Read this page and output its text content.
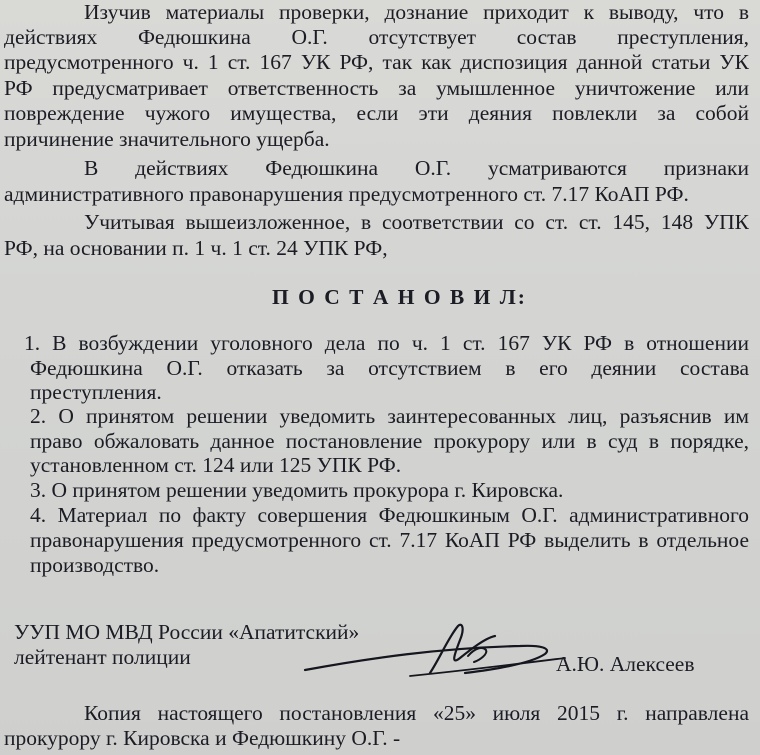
Изучив материалы проверки, дознание приходит к выводу, что в
действиях Федюшкина О.Г. отсутствует состав преступления,
предусмотренного ч. 1 ст. 167 УК РФ, так как диспозиция данной статьи УК
РФ предусматривает ответственность за умышленное уничтожение или
повреждение чужого имущества, если эти деяния повлекли за собой
причинение значительного ущерба.
В действиях Федюшкина О.Г. усматриваются признаки
административного правонарушения предусмотренного ст. 7.17 КоАП РФ.
Учитывая вышеизложенное, в соответствии со ст. ст. 145, 148 УПК
РФ, на основании п. 1 ч. 1 ст. 24 УПК РФ,
П О С Т А Н О В И Л:
1. В возбуждении уголовного дела по ч. 1 ст. 167 УК РФ в отношении
Федюшкина О.Г. отказать за отсутствием в его деянии состава
преступления.
2. О принятом решении уведомить заинтересованных лиц, разъяснив им
право обжаловать данное постановление прокурору или в суд в порядке,
установленном ст. 124 или 125 УПК РФ.
3. О принятом решении уведомить прокурора г. Кировска.
4. Материал по факту совершения Федюшкиным О.Г. административного
правонарушения предусмотренного ст. 7.17 КоАП РФ выделить в отдельное
производство.
УУП МО МВД России «Апатитский»
лейтенант полиции	А.Ю. Алексеев
Копия настоящего постановления «25» июля 2015 г. направлена
прокурору г. Кировска и Федюшкину О.Г. -
